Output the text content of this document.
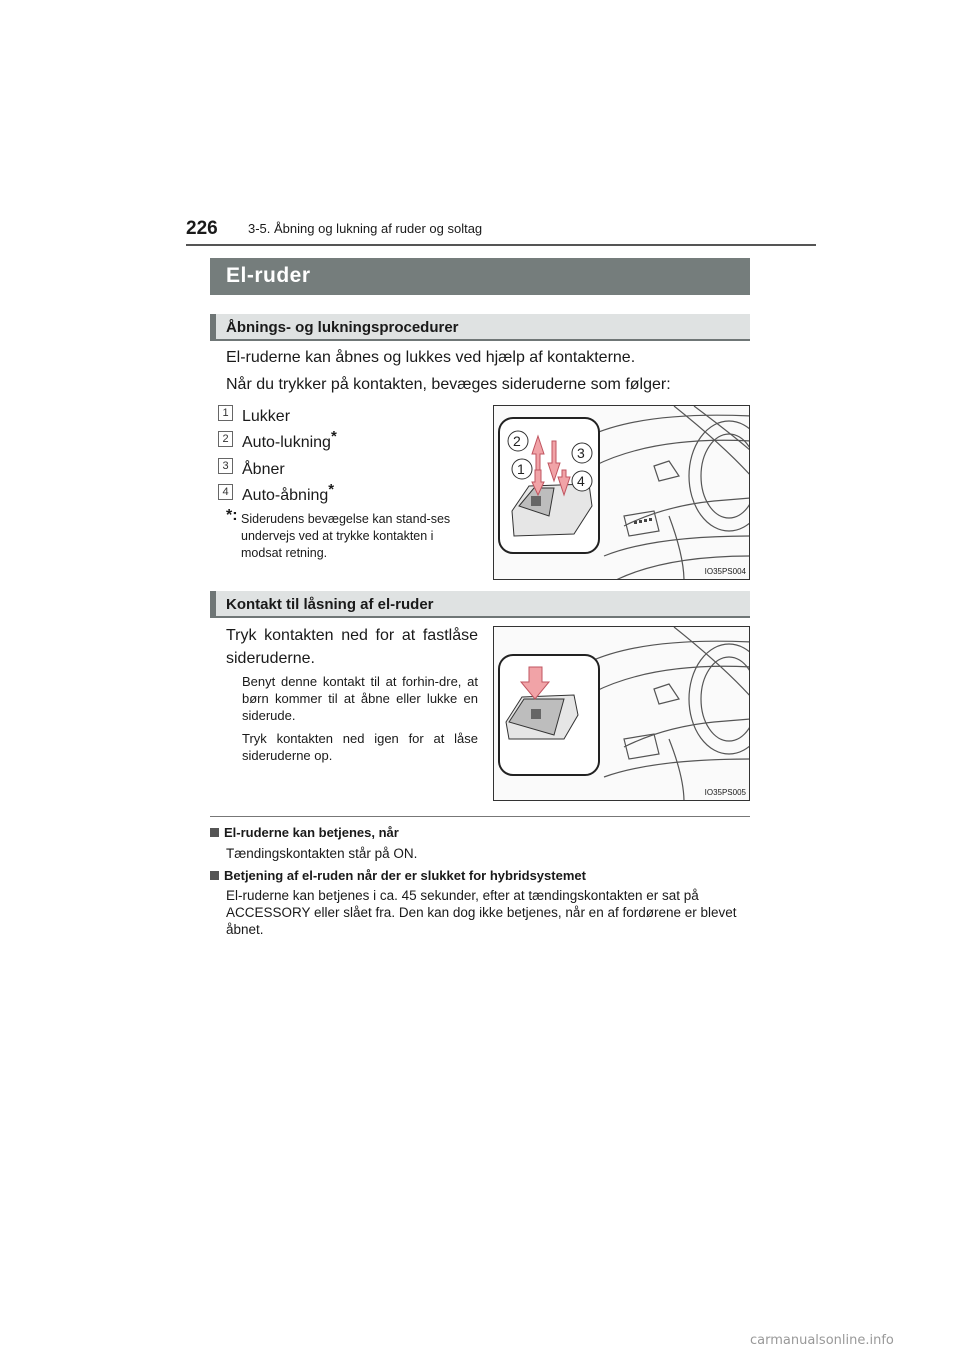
226 3-5. Åbning og lukning af ruder og soltag
El-ruder
Åbnings- og lukningsprocedurer
El-ruderne kan åbnes og lukkes ved hjælp af kontakterne.
Når du trykker på kontakten, bevæges sideruderne som følger:
1 Lukker
2 Auto-lukning*
3 Åbner
4 Auto-åbning*
*: Siderudens bevægelse kan stand-ses undervejs ved at trykke kontakten i modsat retning.
2
3
1
4
IO35PS004
Kontakt til låsning af el-ruder
Tryk kontakten ned for at fastlåse sideruderne.
Benyt denne kontakt til at forhin-dre, at børn kommer til at åbne eller lukke en siderude.
Tryk kontakten ned igen for at låse sideruderne op.
IO35PS005
El-ruderne kan betjenes, når
Tændingskontakten står på ON.
Betjening af el-ruden når der er slukket for hybridsystemet
El-ruderne kan betjenes i ca. 45 sekunder, efter at tændingskontakten er sat på ACCESSORY eller slået fra. Den kan dog ikke betjenes, når en af fordørene er blevet åbnet.
carmanualsonline.info
